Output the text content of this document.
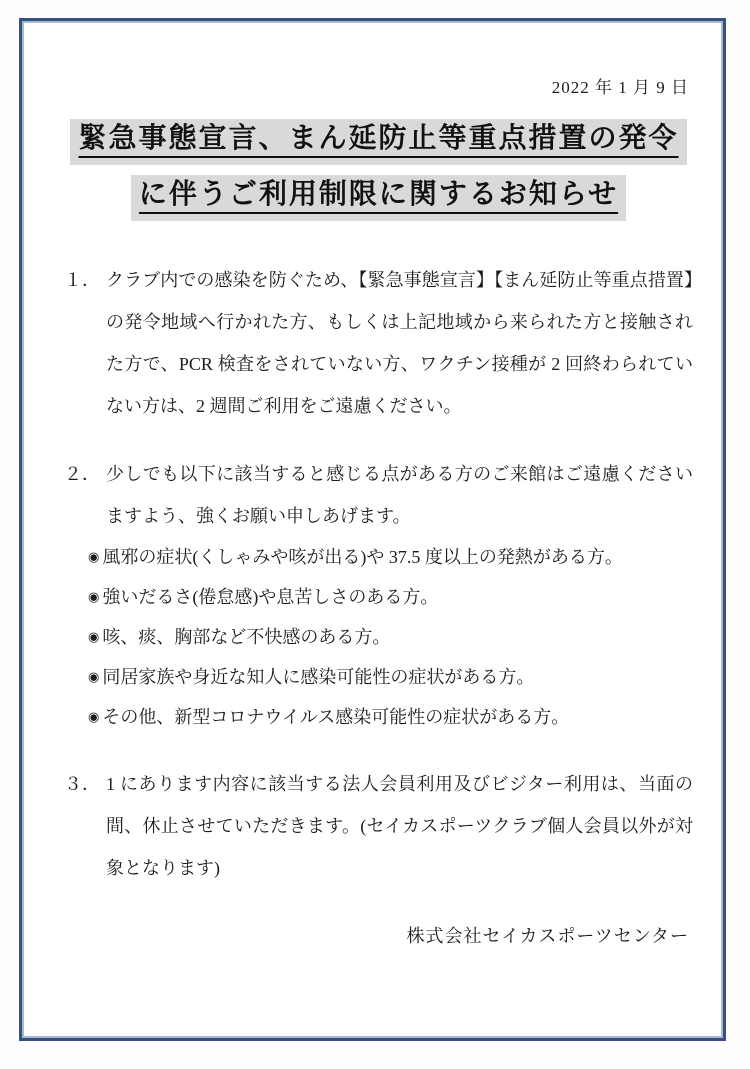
2022 年 1 月 9 日
緊急事態宣言、まん延防止等重点措置の発令
に伴うご利用制限に関するお知らせ
１． クラブ内での感染を防ぐため、【緊急事態宣言】【まん延防止等重点措置】の発令地域へ行かれた方、もしくは上記地域から来られた方と接触された方で、PCR 検査をされていない方、ワクチン接種が 2 回終わられていない方は、2 週間ご利用をご遠慮ください。
２． 少しでも以下に該当すると感じる点がある方のご来館はご遠慮くださいますよう、強くお願い申しあげます。
◉ 風邪の症状(くしゃみや咳が出る)や 37.5 度以上の発熱がある方。
◉ 強いだるさ(倦怠感)や息苦しさのある方。
◉ 咳、痰、胸部など不快感のある方。
◉ 同居家族や身近な知人に感染可能性の症状がある方。
◉ その他、新型コロナウイルス感染可能性の症状がある方。
３． 1 にあります内容に該当する法人会員利用及びビジター利用は、当面の間、休止させていただきます。(セイカスポーツクラブ個人会員以外が対象となります)
株式会社セイカスポーツセンター
